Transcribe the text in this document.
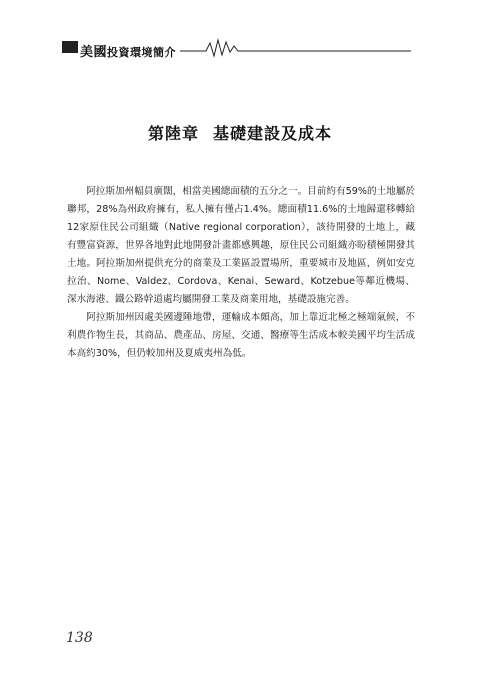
美國投資環境簡介
第陸章 基礎建設及成本

阿拉斯加州幅員廣闊，相當美國總面積的五分之一。目前約有59%的土地屬於聯邦，28%為州政府擁有，私人擁有僅占1.4%。總面積11.6%的土地歸還移轉給12家原住民公司組織（Native regional corporation），該待開發的土地上，藏有豐富資源，世界各地對此地開發計畫都感興趣，原住民公司組織亦盼積極開發其土地。阿拉斯加州提供充分的商業及工業區設置場所，重要城市及地區，例如安克拉治、Nome、Valdez、Cordova、Kenai、Seward、Kotzebue等鄰近機場、深水海港、鐵公路幹道處均屬開發工業及商業用地，基礎設施完善。

阿拉斯加州因處美國邊陲地帶，運輸成本頗高，加上靠近北極之極端氣候，不利農作物生長，其商品、農產品、房屋、交通、醫療等生活成本較美國平均生活成本高約30%，但仍較加州及夏威夷州為低。

138
